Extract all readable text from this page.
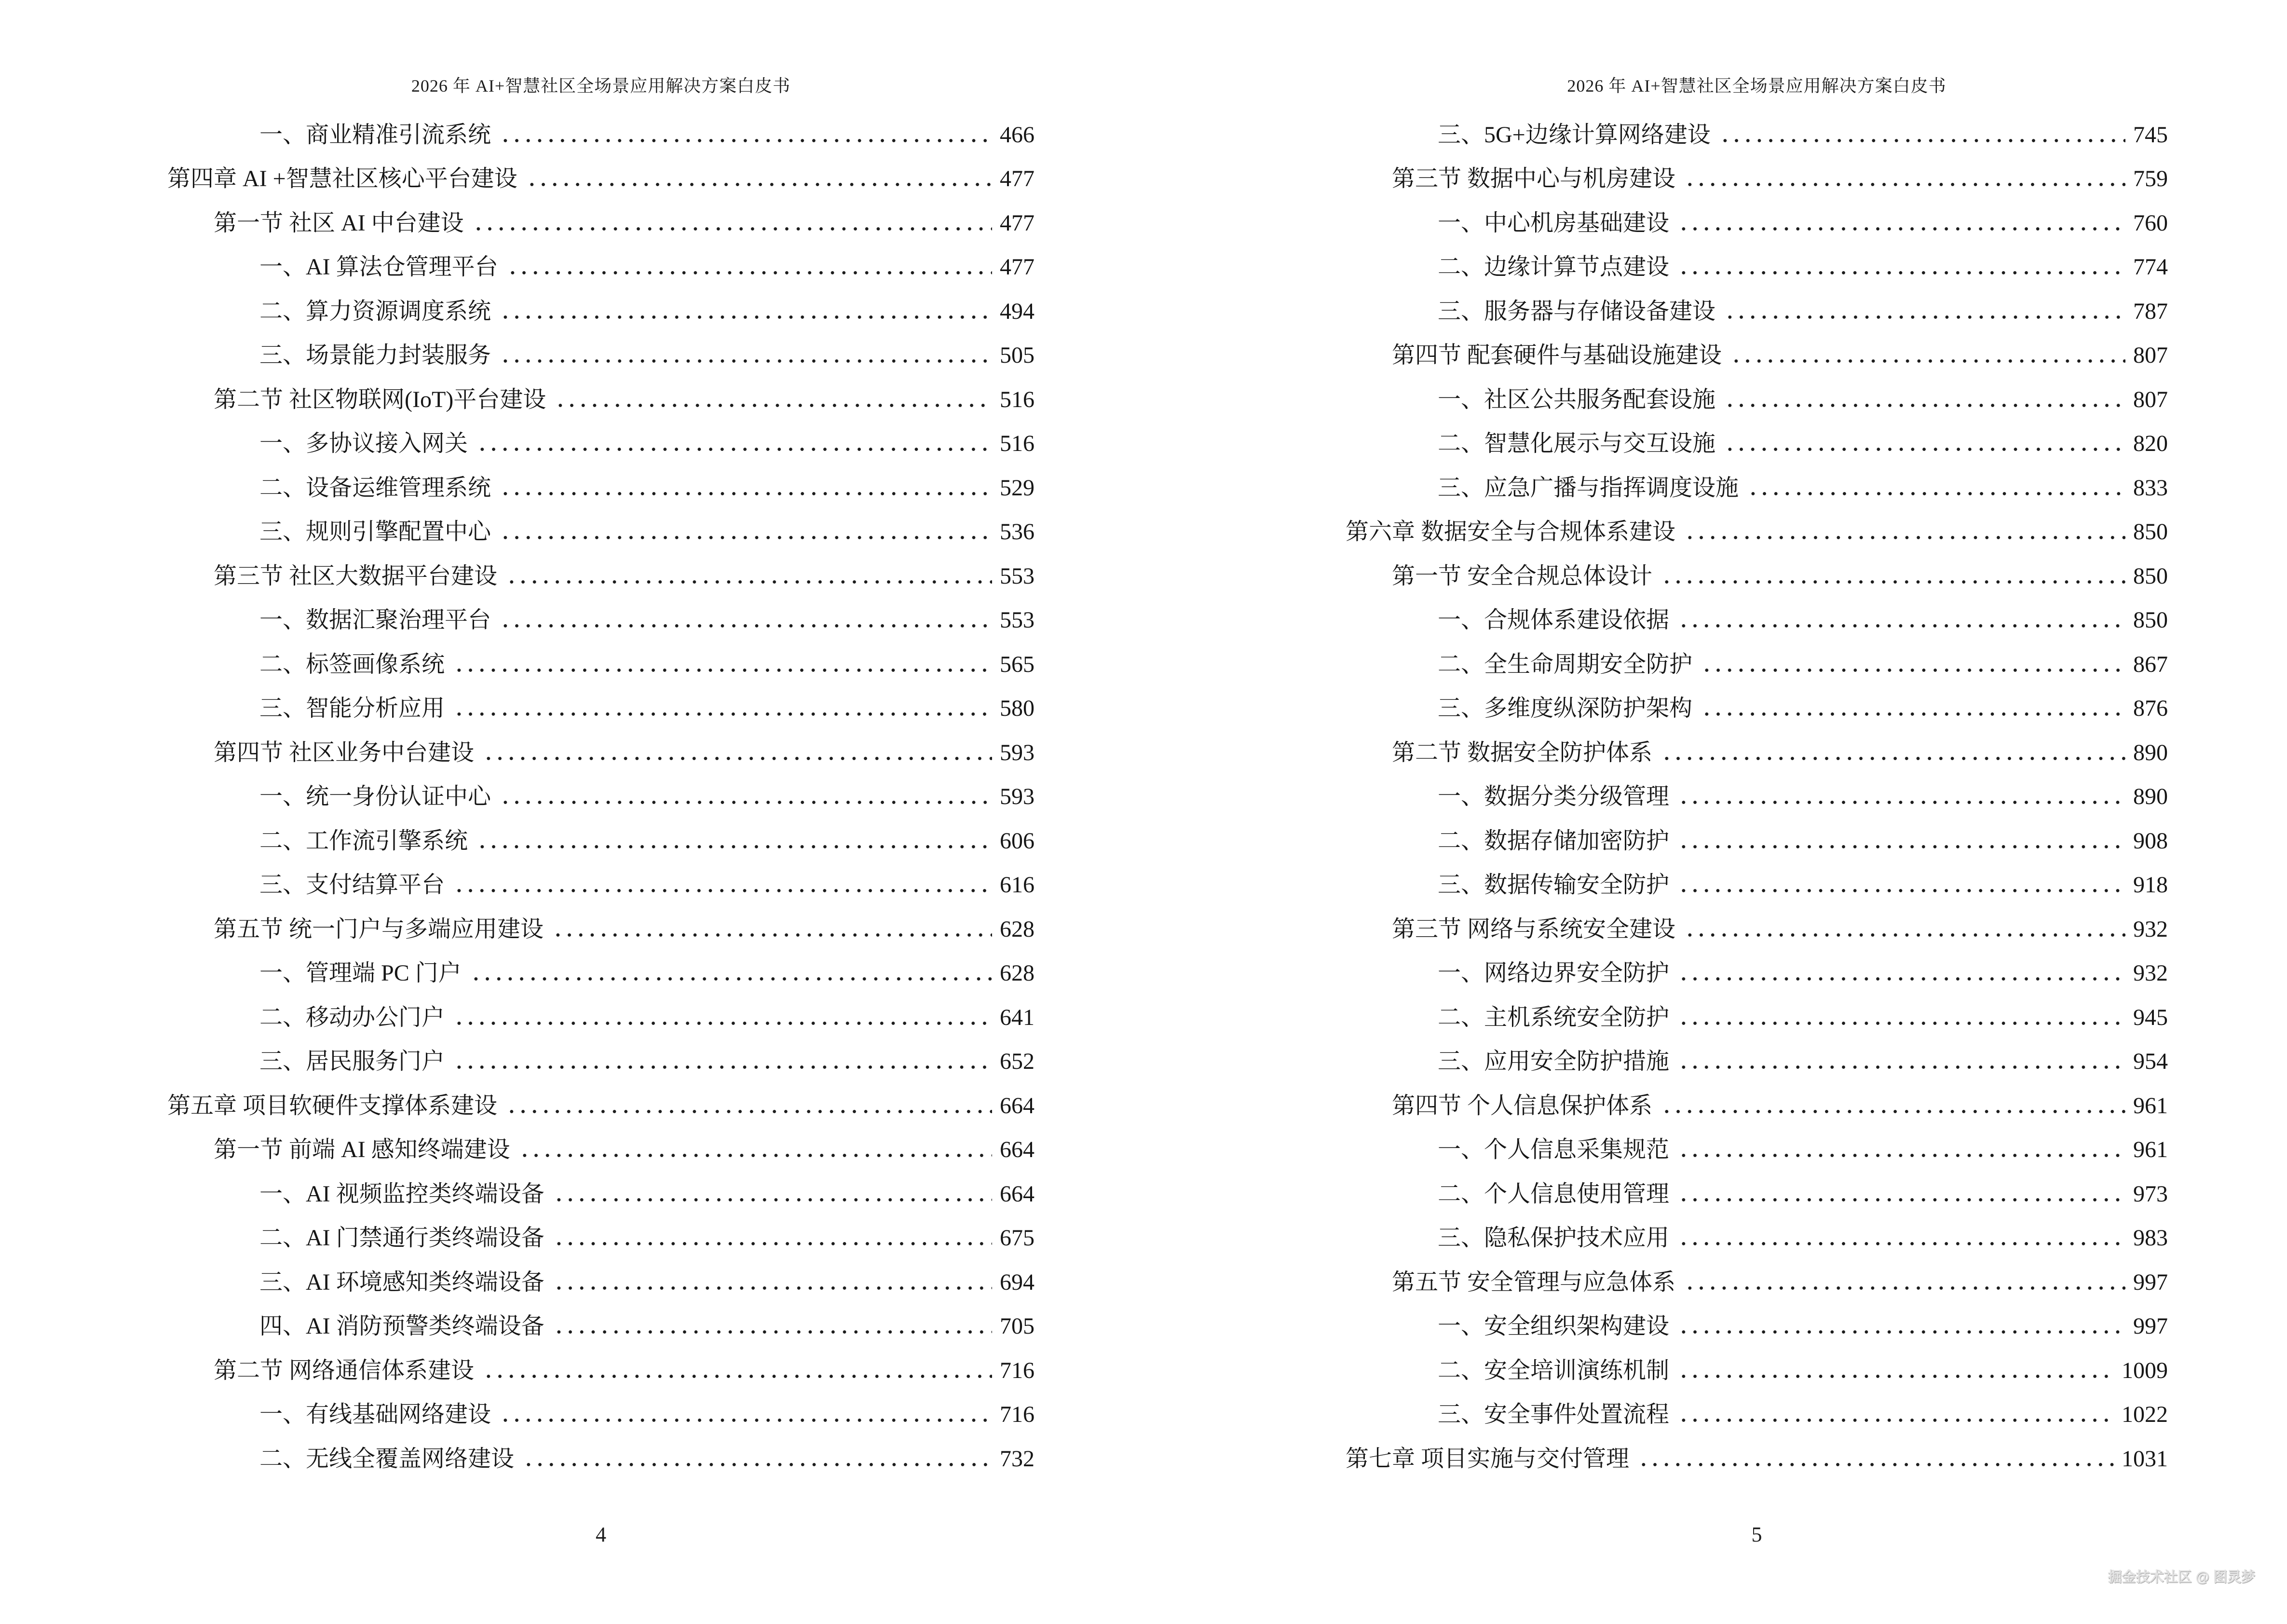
2026 年 AI+智慧社区全场景应用解决方案白皮书
一、商业精准引流系统	466
第四章 AI +智慧社区核心平台建设	477
第一节 社区 AI 中台建设	477
一、AI 算法仓管理平台	477
二、算力资源调度系统	494
三、场景能力封装服务	505
第二节 社区物联网(IoT)平台建设	516
一、多协议接入网关	516
二、设备运维管理系统	529
三、规则引擎配置中心	536
第三节 社区大数据平台建设	553
一、数据汇聚治理平台	553
二、标签画像系统	565
三、智能分析应用	580
第四节 社区业务中台建设	593
一、统一身份认证中心	593
二、工作流引擎系统	606
三、支付结算平台	616
第五节 统一门户与多端应用建设	628
一、管理端 PC 门户	628
二、移动办公门户	641
三、居民服务门户	652
第五章 项目软硬件支撑体系建设	664
第一节 前端 AI 感知终端建设	664
一、AI 视频监控类终端设备	664
二、AI 门禁通行类终端设备	675
三、AI 环境感知类终端设备	694
四、AI 消防预警类终端设备	705
第二节 网络通信体系建设	716
一、有线基础网络建设	716
二、无线全覆盖网络建设	732
4
2026 年 AI+智慧社区全场景应用解决方案白皮书
三、5G+边缘计算网络建设	745
第三节 数据中心与机房建设	759
一、中心机房基础建设	760
二、边缘计算节点建设	774
三、服务器与存储设备建设	787
第四节 配套硬件与基础设施建设	807
一、社区公共服务配套设施	807
二、智慧化展示与交互设施	820
三、应急广播与指挥调度设施	833
第六章 数据安全与合规体系建设	850
第一节 安全合规总体设计	850
一、合规体系建设依据	850
二、全生命周期安全防护	867
三、多维度纵深防护架构	876
第二节 数据安全防护体系	890
一、数据分类分级管理	890
二、数据存储加密防护	908
三、数据传输安全防护	918
第三节 网络与系统安全建设	932
一、网络边界安全防护	932
二、主机系统安全防护	945
三、应用安全防护措施	954
第四节 个人信息保护体系	961
一、个人信息采集规范	961
二、个人信息使用管理	973
三、隐私保护技术应用	983
第五节 安全管理与应急体系	997
一、安全组织架构建设	997
二、安全培训演练机制	1009
三、安全事件处置流程	1022
第七章 项目实施与交付管理	1031
5
掘金技术社区 @ 图灵梦
